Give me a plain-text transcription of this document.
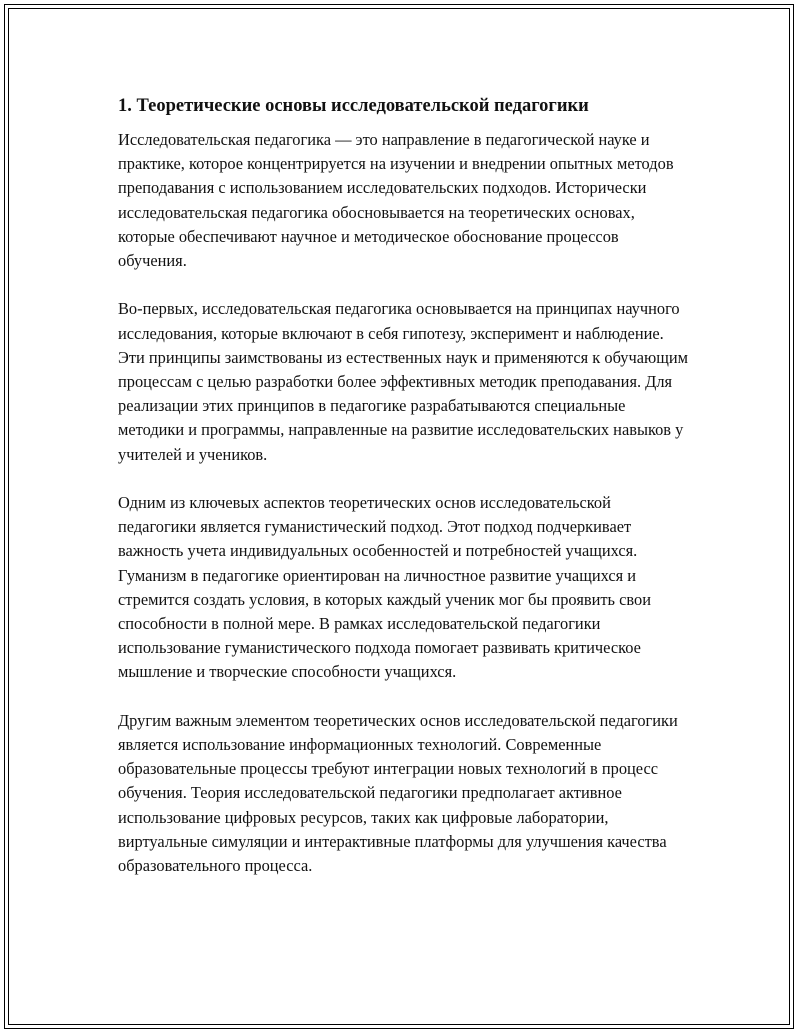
1. Теоретические основы исследовательской педагогики

Исследовательская педагогика — это направление в педагогической науке и практике, которое концентрируется на изучении и внедрении опытных методов преподавания с использованием исследовательских подходов. Исторически исследовательская педагогика обосновывается на теоретических основах, которые обеспечивают научное и методическое обоснование процессов обучения.

Во-первых, исследовательская педагогика основывается на принципах научного исследования, которые включают в себя гипотезу, эксперимент и наблюдение. Эти принципы заимствованы из естественных наук и применяются к обучающим процессам с целью разработки более эффективных методик преподавания. Для реализации этих принципов в педагогике разрабатываются специальные методики и программы, направленные на развитие исследовательских навыков у учителей и учеников.

Одним из ключевых аспектов теоретических основ исследовательской педагогики является гуманистический подход. Этот подход подчеркивает важность учета индивидуальных особенностей и потребностей учащихся. Гуманизм в педагогике ориентирован на личностное развитие учащихся и стремится создать условия, в которых каждый ученик мог бы проявить свои способности в полной мере. В рамках исследовательской педагогики использование гуманистического подхода помогает развивать критическое мышление и творческие способности учащихся.

Другим важным элементом теоретических основ исследовательской педагогики является использование информационных технологий. Современные образовательные процессы требуют интеграции новых технологий в процесс обучения. Теория исследовательской педагогики предполагает активное использование цифровых ресурсов, таких как цифровые лаборатории, виртуальные симуляции и интерактивные платформы для улучшения качества образовательного процесса.
